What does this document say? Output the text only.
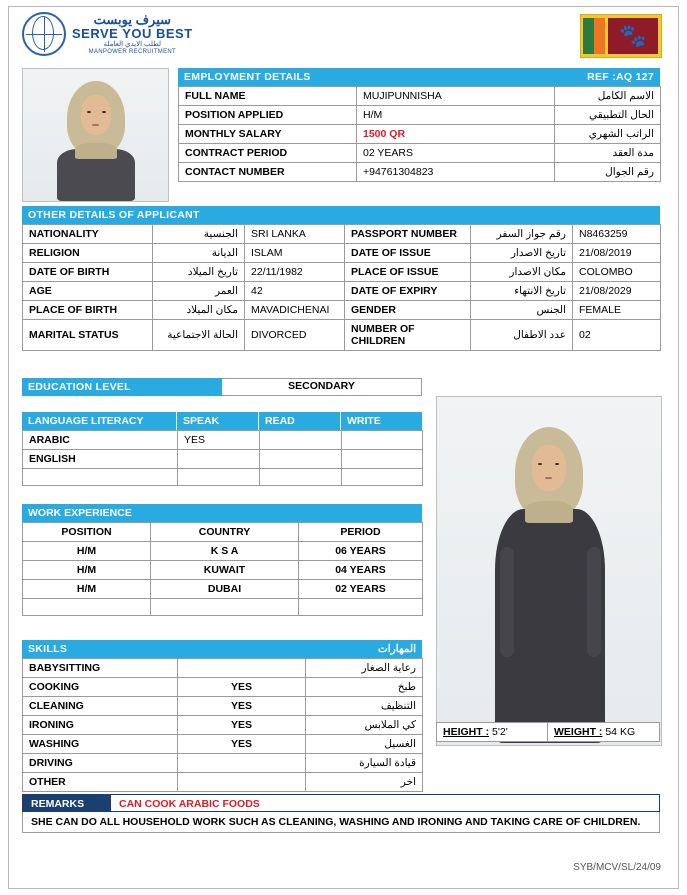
سيرف يوبست
SERVE YOU BEST
لطلب الايدي العاملة
MANPOWER RECRUITMENT
🐾
EMPLOYMENT DETAILS	REF :AQ 127
FULL NAME	MUJIPUNNISHA	الاسم الكامل
POSITION APPLIED	H/M	الحال التطبيقي
MONTHLY SALARY	1500 QR	الراتب الشهري
CONTRACT PERIOD	02 YEARS	مدة العقد
CONTACT NUMBER	+94761304823	رقم الجوال
OTHER DETAILS OF APPLICANT
NATIONALITY	الجنسية	SRI LANKA	PASSPORT NUMBER	رقم جواز السفر	N8463259
RELIGION	الديانة	ISLAM	DATE OF ISSUE	تاريخ الاصدار	21/08/2019
DATE OF BIRTH	تاريخ الميلاد	22/11/1982	PLACE OF ISSUE	مكان الاصدار	COLOMBO
AGE	العمر	42	DATE OF EXPIRY	تاريخ الانتهاء	21/08/2029
PLACE OF BIRTH	مكان الميلاد	MAVADICHENAI	GENDER	الجنس	FEMALE
MARITAL STATUS	الحالة الاجتماعية	DIVORCED	NUMBER OF CHILDREN	عدد الاطفال	02
EDUCATION LEVEL	SECONDARY
LANGUAGE LITERACY	SPEAK	READ	WRITE
ARABIC	YES		
ENGLISH			

WORK EXPERIENCE
POSITION	COUNTRY	PERIOD
H/M	K S A	06 YEARS
H/M	KUWAIT	04 YEARS
H/M	DUBAI	02 YEARS

SKILLS	المهارات
BABYSITTING		رعاية الصغار
COOKING	YES	طبخ
CLEANING	YES	التنظيف
IRONING	YES	كي الملابس
WASHING	YES	الغسيل
DRIVING		قيادة السيارة
OTHER		اخر
HEIGHT : 5'2'	WEIGHT : 54 KG
REMARKS	CAN COOK ARABIC FOODS
SHE CAN DO ALL HOUSEHOLD WORK SUCH AS CLEANING, WASHING AND IRONING AND TAKING CARE OF CHILDREN.
SYB/MCV/SL/24/09
